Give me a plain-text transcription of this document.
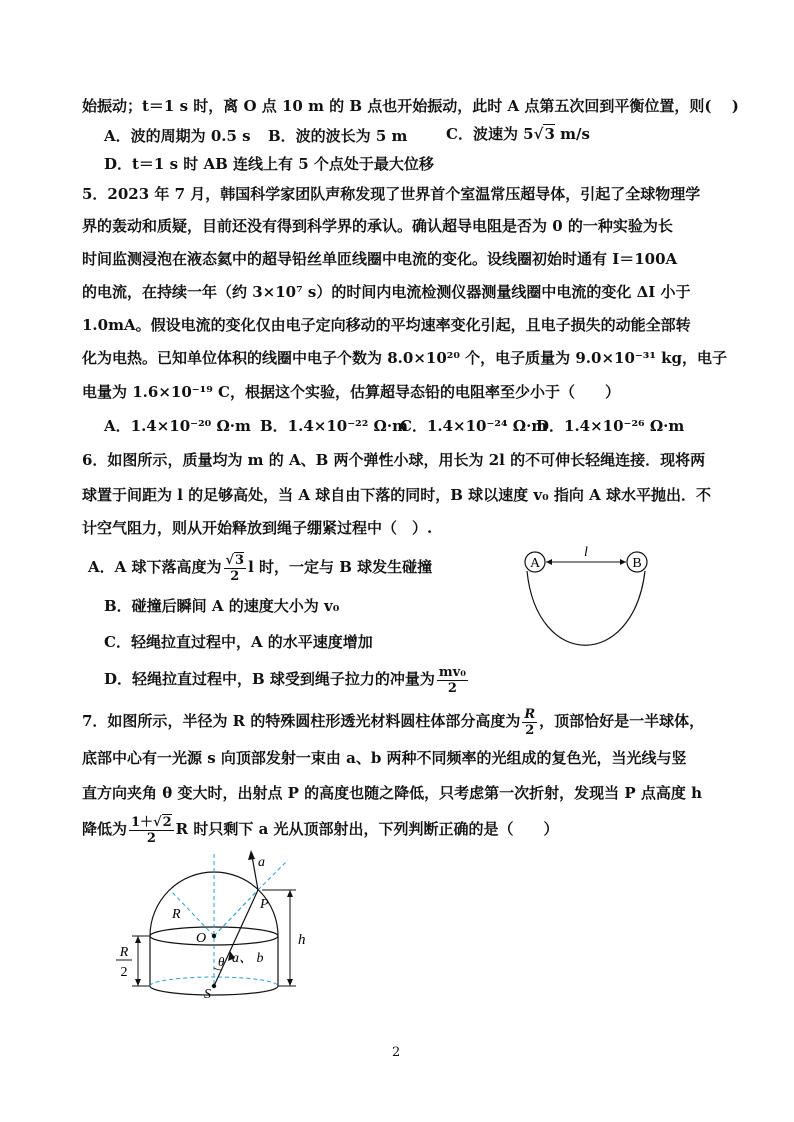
始振动；t＝1 s 时，离 O 点 10 m 的 B 点也开始振动，此时 A 点第五次回到平衡位置，则(　 )
A．波的周期为 0.5 s B．波的波长为 5 m	C．波速为 5√3 m/s
D．t＝1 s 时 AB 连线上有 5 个点处于最大位移
5．2023 年 7 月，韩国科学家团队声称发现了世界首个室温常压超导体，引起了全球物理学
界的轰动和质疑，目前还没有得到科学界的承认。确认超导电阻是否为 0 的一种实验为长
时间监测浸泡在液态氦中的超导铅丝单匝线圈中电流的变化。设线圈初始时通有 I＝100A
的电流，在持续一年（约 3×10⁷ s）的时间内电流检测仪器测量线圈中电流的变化 ΔI 小于
1.0mA。假设电流的变化仅由电子定向移动的平均速率变化引起，且电子损失的动能全部转
化为电热。已知单位体积的线圈中电子个数为 8.0×10²⁰ 个，电子质量为 9.0×10⁻³¹ kg，电子
电量为 1.6×10⁻¹⁹ C，根据这个实验，估算超导态铅的电阻率至少小于（　　）
A．1.4×10⁻²⁰ Ω·m B．1.4×10⁻²² Ω·m
C．1.4×10⁻²⁴ Ω·m
D．1.4×10⁻²⁶ Ω·m
6．如图所示，质量均为 m 的 A、B 两个弹性小球，用长为 2l 的不可伸长轻绳连接．现将两
球置于间距为 l 的足够高处，当 A 球自由下落的同时，B 球以速度 v₀ 指向 A 球水平抛出．不
计空气阻力，则从开始释放到绳子绷紧过程中（　）.
A．A 球下落高度为 $\frac{√3}{2}$ l 时，一定与 B 球发生碰撞
B．碰撞后瞬间 A 的速度大小为 v₀
C．轻绳拉直过程中，A 的水平速度增加
D．轻绳拉直过程中，B 球受到绳子拉力的冲量为 $\frac{\text{mv₀}}{2}$
A	B
l
7．如图所示，半径为 R 的特殊圆柱形透光材料圆柱体部分高度为 $\frac{R}{2}$ ，顶部恰好是一半球体，
底部中心有一光源 s 向顶部发射一束由 a、b 两种不同频率的光组成的复色光，当光线与竖
直方向夹角 θ 变大时，出射点 P 的高度也随之降低，只考虑第一次折射，发现当 P 点高度 h
降低为 $\frac{1+√2}{2}$ R 时只剩下 a 光从顶部射出，下列判断正确的是（　　）
a
P
R
O
θ a、 b
S
h
R
2
2
